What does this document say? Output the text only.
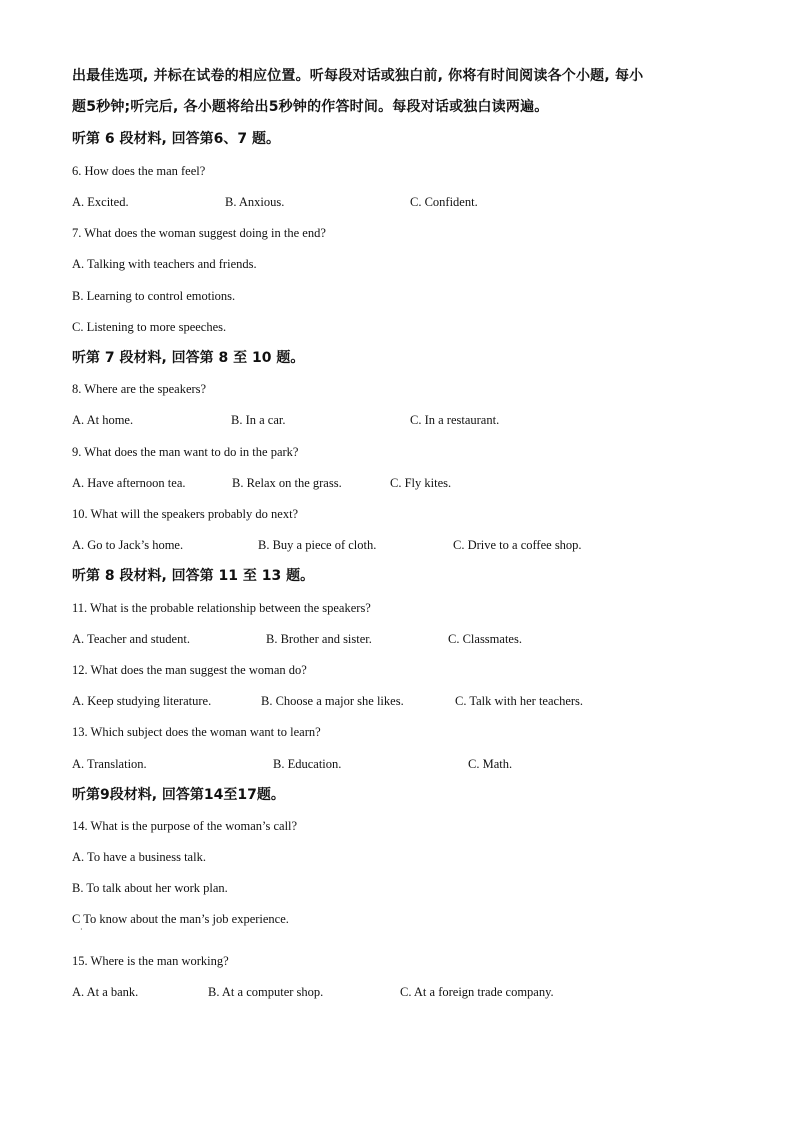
出最佳选项, 并标在试卷的相应位置。听每段对话或独白前, 你将有时间阅读各个小题, 每小
题5秒钟;听完后, 各小题将给出5秒钟的作答时间。每段对话或独白读两遍。
听第 6 段材料, 回答第6、7 题。
6. How does the man feel?
A. Excited.	B. Anxious.	C. Confident.
7. What does the woman suggest doing in the end?
A. Talking with teachers and friends.
B. Learning to control emotions.
C. Listening to more speeches.
听第 7 段材料, 回答第 8 至 10 题。
8. Where are the speakers?
A. At home.	B. In a car.	C. In a restaurant.
9. What does the man want to do in the park?
A. Have afternoon tea.	B. Relax on the grass.	C. Fly kites.
10. What will the speakers probably do next?
A. Go to Jack’s home.	B. Buy a piece of cloth.	C. Drive to a coffee shop.
听第 8 段材料, 回答第 11 至 13 题。
11. What is the probable relationship between the speakers?
A. Teacher and student.	B. Brother and sister.	C. Classmates.
12. What does the man suggest the woman do?
A. Keep studying literature.	B. Choose a major she likes.	C. Talk with her teachers.
13. Which subject does the woman want to learn?
A. Translation.	B. Education.	C. Math.
听第9段材料, 回答第14至17题。
14. What is the purpose of the woman’s call?
A. To have a business talk.
B. To talk about her work plan.
C To know about the man’s job experience.
·
15. Where is the man working?
A. At a bank.	B. At a computer shop.	C. At a foreign trade company.
